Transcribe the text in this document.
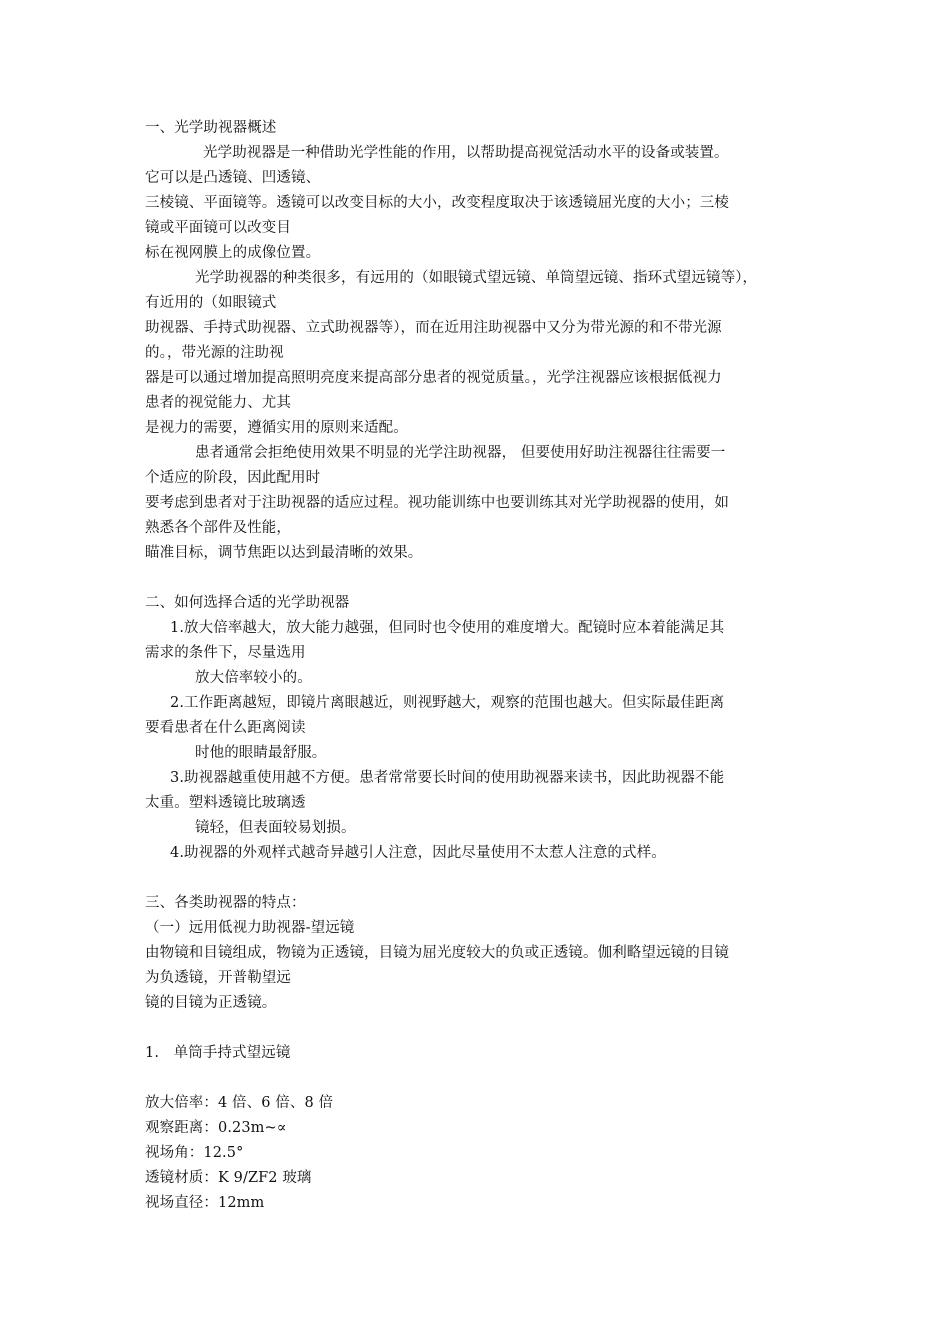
一、光学助视器概述
光学助视器是一种借助光学性能的作用，以帮助提高视觉活动水平的设备或装置。
它可以是凸透镜、凹透镜、
三棱镜、平面镜等。透镜可以改变目标的大小，改变程度取决于该透镜屈光度的大小；三棱
镜或平面镜可以改变目
标在视网膜上的成像位置。
光学助视器的种类很多，有远用的（如眼镜式望远镜、单筒望远镜、指环式望远镜等），
有近用的（如眼镜式
助视器、手持式助视器、立式助视器等），而在近用注助视器中又分为带光源的和不带光源
的。，带光源的注助视
器是可以通过增加提高照明亮度来提高部分患者的视觉质量。，光学注视器应该根据低视力
患者的视觉能力、尤其
是视力的需要，遵循实用的原则来适配。
患者通常会拒绝使用效果不明显的光学注助视器， 但要使用好助注视器往往需要一
个适应的阶段，因此配用时
要考虑到患者对于注助视器的适应过程。视功能训练中也要训练其对光学助视器的使用，如
熟悉各个部件及性能，
瞄准目标，调节焦距以达到最清晰的效果。
二、如何选择合适的光学助视器
1.放大倍率越大，放大能力越强，但同时也令使用的难度增大。配镜时应本着能满足其
需求的条件下，尽量选用
放大倍率较小的。
2.工作距离越短，即镜片离眼越近，则视野越大，观察的范围也越大。但实际最佳距离
要看患者在什么距离阅读
时他的眼睛最舒服。
3.助视器越重使用越不方便。患者常常要长时间的使用助视器来读书，因此助视器不能
太重。塑料透镜比玻璃透
镜轻，但表面较易划损。
4.助视器的外观样式越奇异越引人注意，因此尽量使用不太惹人注意的式样。
三、各类助视器的特点：
（一）远用低视力助视器-望远镜
由物镜和目镜组成，物镜为正透镜，目镜为屈光度较大的负或正透镜。伽利略望远镜的目镜
为负透镜，开普勒望远
镜的目镜为正透镜。
1.　单筒手持式望远镜
放大倍率：4 倍、6 倍、8 倍
观察距离：0.23m~∝
视场角：12.5°
透镜材质：K 9/ZF2 玻璃
视场直径：12mm
